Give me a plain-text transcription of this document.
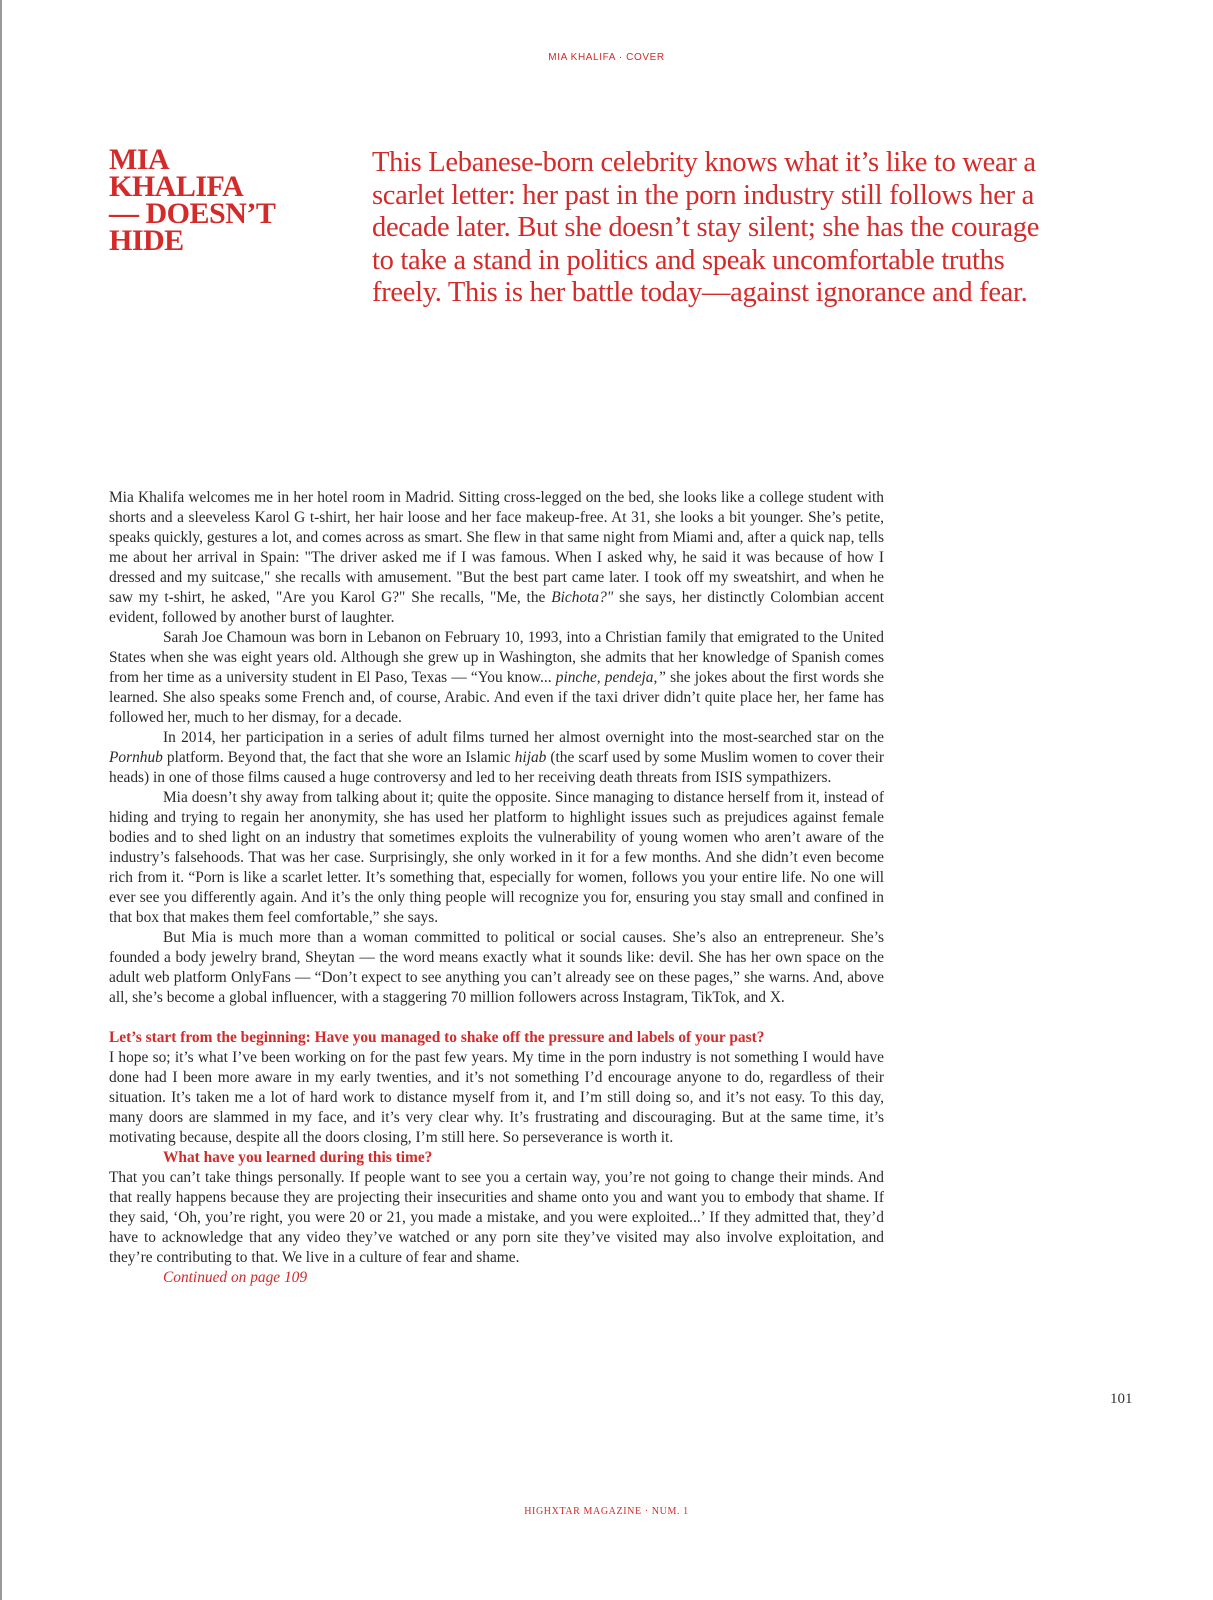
MIA KHALIFA · COVER
MIA
KHALIFA
— DOESN’T
HIDE

This Lebanese-born celebrity knows what it’s like to wear a scarlet letter: her past in the porn industry still follows her a decade later. But she doesn’t stay silent; she has the courage to take a stand in politics and speak uncomfortable truths freely. This is her battle today—against ignorance and fear.

Mia Khalifa welcomes me in her hotel room in Madrid. Sitting cross-legged on the bed, she looks like a college student with shorts and a sleeveless Karol G t-shirt, her hair loose and her face makeup-free. At 31, she looks a bit younger. She’s petite, speaks quickly, gestures a lot, and comes across as smart. She flew in that same night from Miami and, after a quick nap, tells me about her arrival in Spain: "The driver asked me if I was famous. When I asked why, he said it was because of how I dressed and my suitcase," she recalls with amusement. "But the best part came later. I took off my sweatshirt, and when he saw my t-shirt, he asked, "Are you Karol G?" She recalls, "Me, the Bichota?" she says, her distinctly Colombian accent evident, followed by another burst of laughter.

Sarah Joe Chamoun was born in Lebanon on February 10, 1993, into a Christian family that emigrated to the United States when she was eight years old. Although she grew up in Washington, she admits that her knowledge of Spanish comes from her time as a university student in El Paso, Texas — “You know... pinche, pendeja,” she jokes about the first words she learned. She also speaks some French and, of course, Arabic. And even if the taxi driver didn’t quite place her, her fame has followed her, much to her dismay, for a decade.

In 2014, her participation in a series of adult films turned her almost overnight into the most-searched star on the Pornhub platform. Beyond that, the fact that she wore an Islamic hijab (the scarf used by some Muslim women to cover their heads) in one of those films caused a huge controversy and led to her receiving death threats from ISIS sympathizers.

Mia doesn’t shy away from talking about it; quite the opposite. Since managing to distance herself from it, instead of hiding and trying to regain her anonymity, she has used her platform to highlight issues such as prejudices against female bodies and to shed light on an industry that sometimes exploits the vulnerability of young women who aren’t aware of the industry’s falsehoods. That was her case. Surprisingly, she only worked in it for a few months. And she didn’t even become rich from it. “Porn is like a scarlet letter. It’s something that, especially for women, follows you your entire life. No one will ever see you differently again. And it’s the only thing people will recognize you for, ensuring you stay small and confined in that box that makes them feel comfortable,” she says.

But Mia is much more than a woman committed to political or social causes. She’s also an entrepreneur. She’s founded a body jewelry brand, Sheytan — the word means exactly what it sounds like: devil. She has her own space on the adult web platform OnlyFans — “Don’t expect to see anything you can’t already see on these pages,” she warns. And, above all, she’s become a global influencer, with a staggering 70 million followers across Instagram, TikTok, and X.

Let’s start from the beginning: Have you managed to shake off the pressure and labels of your past?

I hope so; it’s what I’ve been working on for the past few years. My time in the porn industry is not something I would have done had I been more aware in my early twenties, and it’s not something I’d encourage anyone to do, regardless of their situation. It’s taken me a lot of hard work to distance myself from it, and I’m still doing so, and it’s not easy. To this day, many doors are slammed in my face, and it’s very clear why. It’s frustrating and discouraging. But at the same time, it’s motivating because, despite all the doors closing, I’m still here. So perseverance is worth it.

What have you learned during this time?

That you can’t take things personally. If people want to see you a certain way, you’re not going to change their minds. And that really happens because they are projecting their insecurities and shame onto you and want you to embody that shame. If they said, ‘Oh, you’re right, you were 20 or 21, you made a mistake, and you were exploited...’ If they admitted that, they’d have to acknowledge that any video they’ve watched or any porn site they’ve visited may also involve exploitation, and they’re contributing to that. We live in a culture of fear and shame.

Continued on page 109

101
HIGHXTAR MAGAZINE · NUM. 1
